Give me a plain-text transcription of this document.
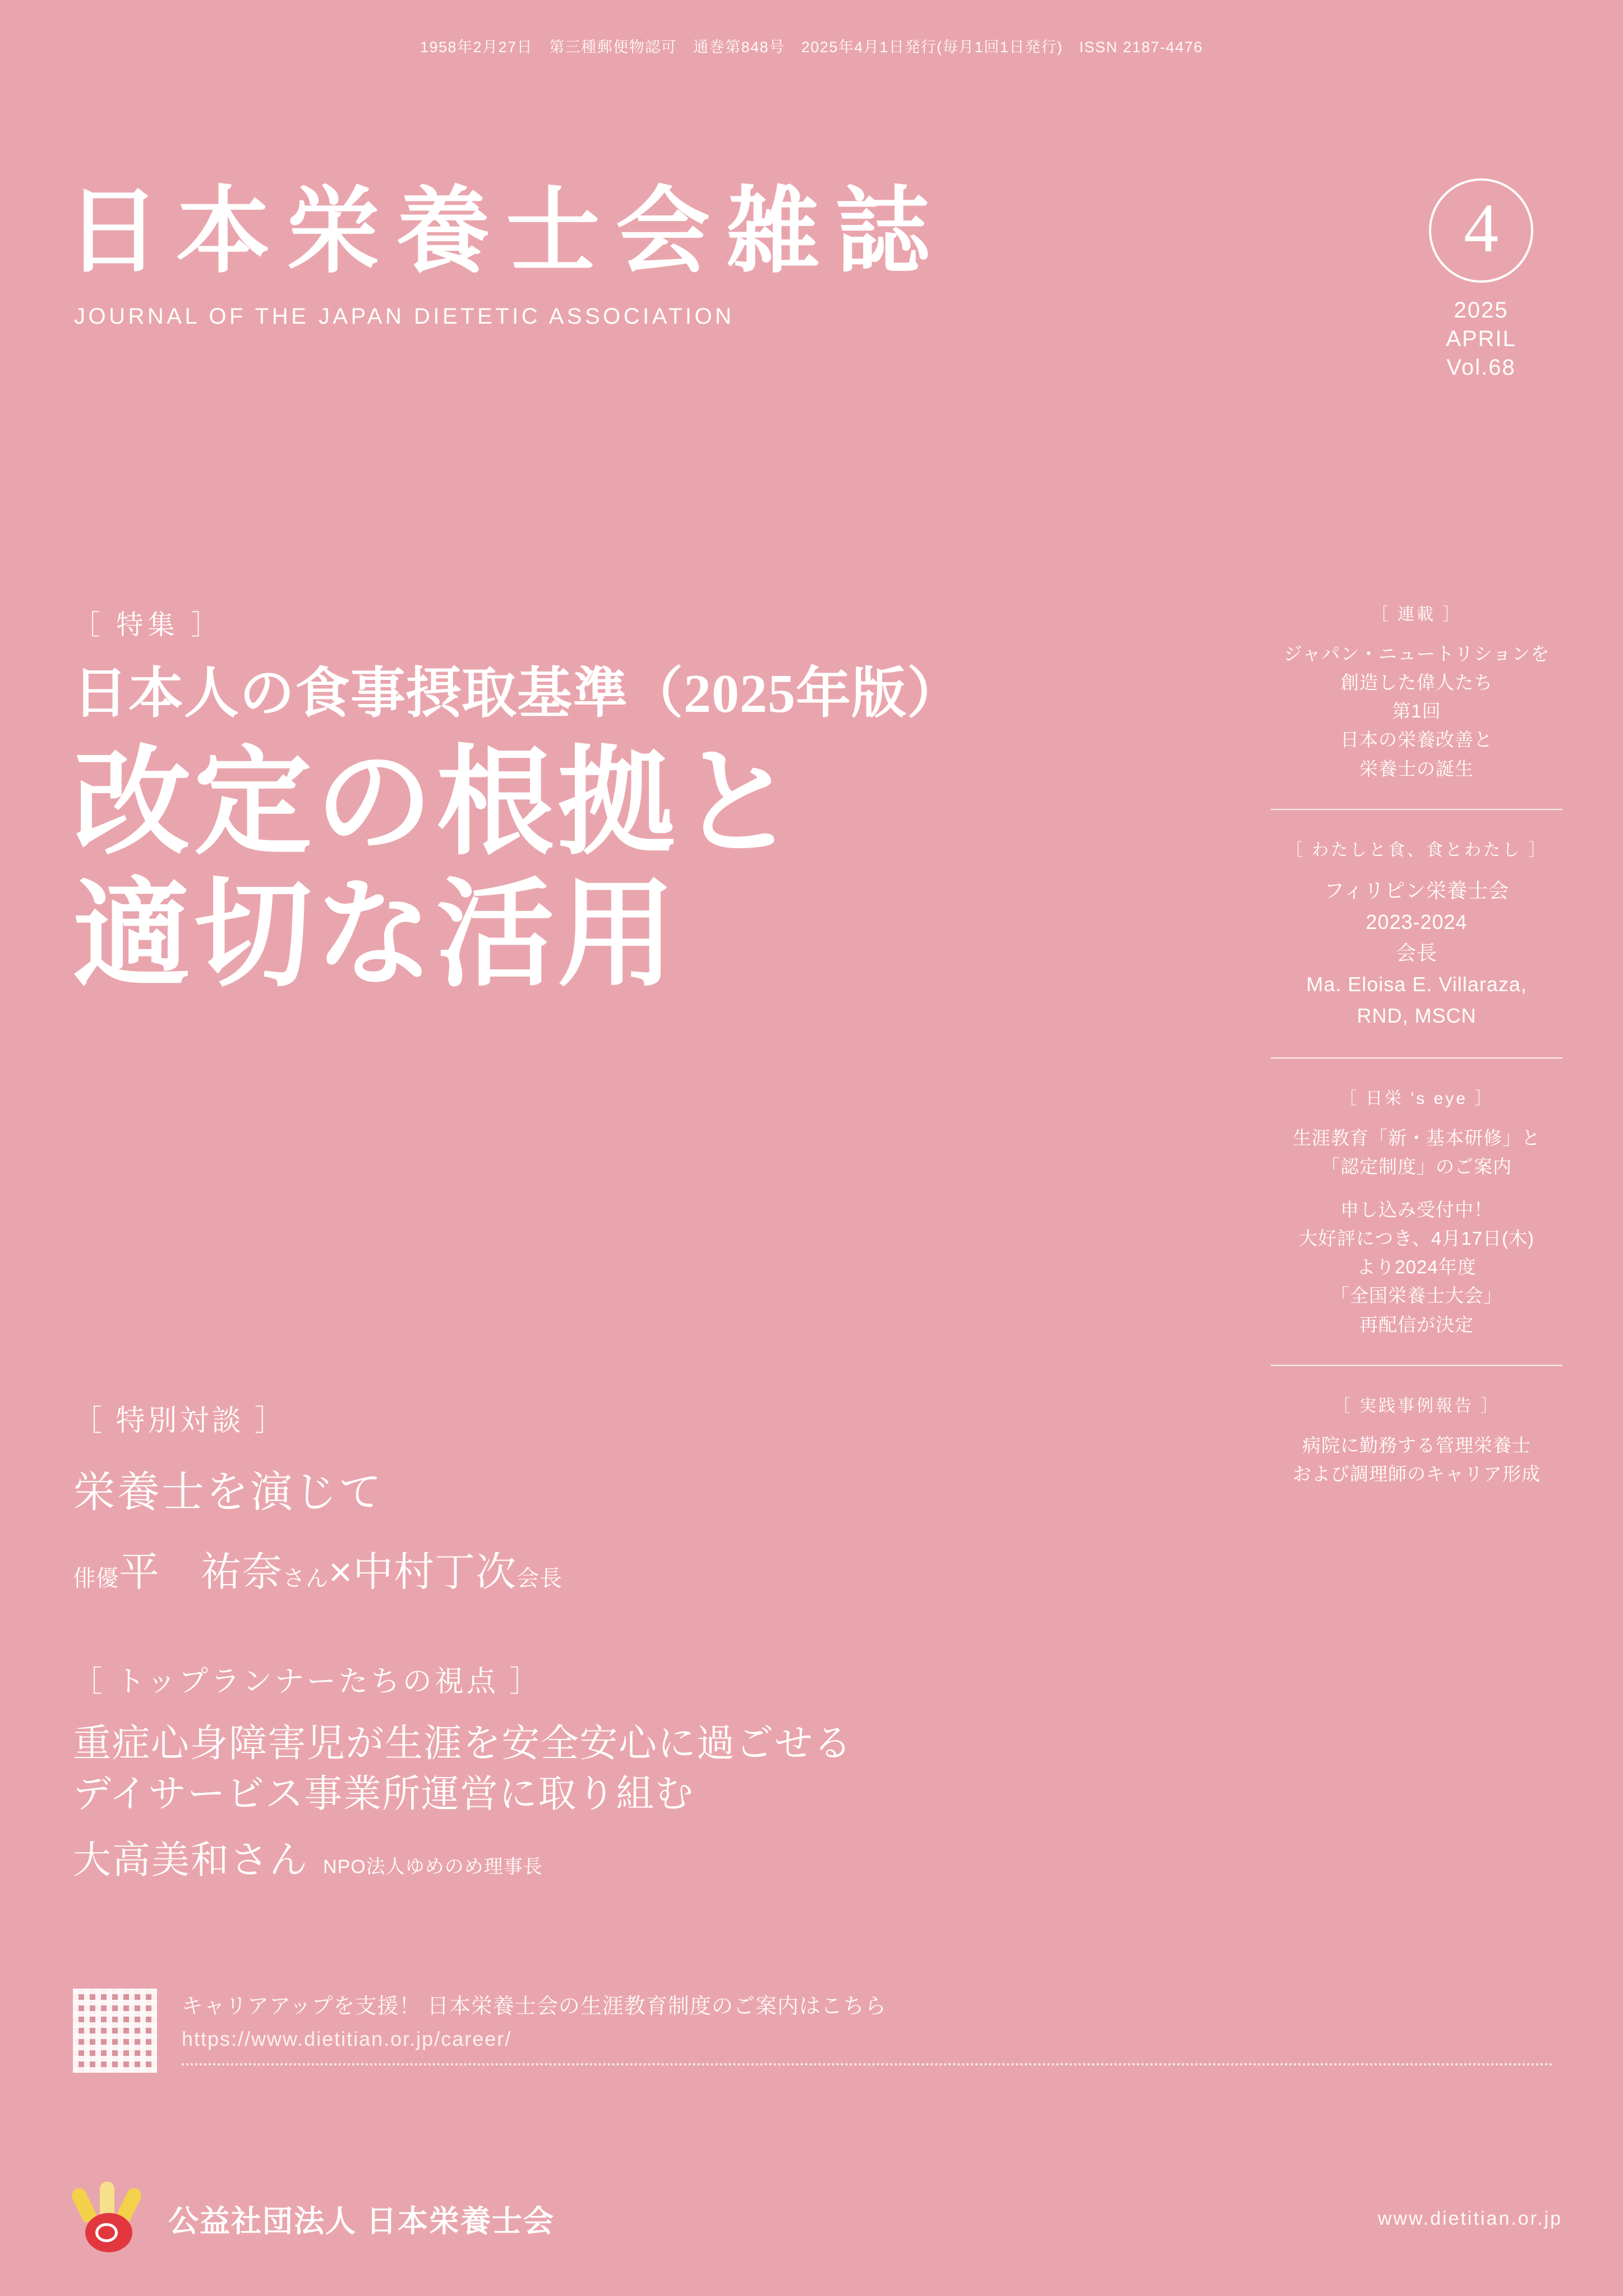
1958年2月27日 第三種郵便物認可 通巻第848号 2025年4月1日発行(毎月1回1日発行) ISSN 2187-4476
日本栄養士会雑誌
JOURNAL OF THE JAPAN DIETETIC ASSOCIATION
4
2025
APRIL
Vol.68
［ 特集 ］
日本人の食事摂取基準（2025年版）
改定の根拠と
適切な活用
［ 特別対談 ］
栄養士を演じて
俳優平　祐奈さん×中村丁次会長
［ トップランナーたちの視点 ］
重症心身障害児が生涯を安全安心に過ごせる
デイサービス事業所運営に取り組む
大高美和さん NPO法人ゆめのめ理事長
［ 連載 ］
ジャパン・ニュートリションを
創造した偉人たち
第1回
日本の栄養改善と
栄養士の誕生
［ わたしと食、食とわたし ］
フィリピン栄養士会
2023-2024
会長
Ma. Eloisa E. Villaraza,
RND, MSCN
［ 日栄 's eye ］
生涯教育「新・基本研修」と
「認定制度」のご案内
申し込み受付中！
大好評につき、4月17日(木)
より2024年度
「全国栄養士大会」
再配信が決定
［ 実践事例報告 ］
病院に勤務する管理栄養士
および調理師のキャリア形成
キャリアアップを支援！ 日本栄養士会の生涯教育制度のご案内はこちら
https://www.dietitian.or.jp/career/
公益社団法人 日本栄養士会	www.dietitian.or.jp
